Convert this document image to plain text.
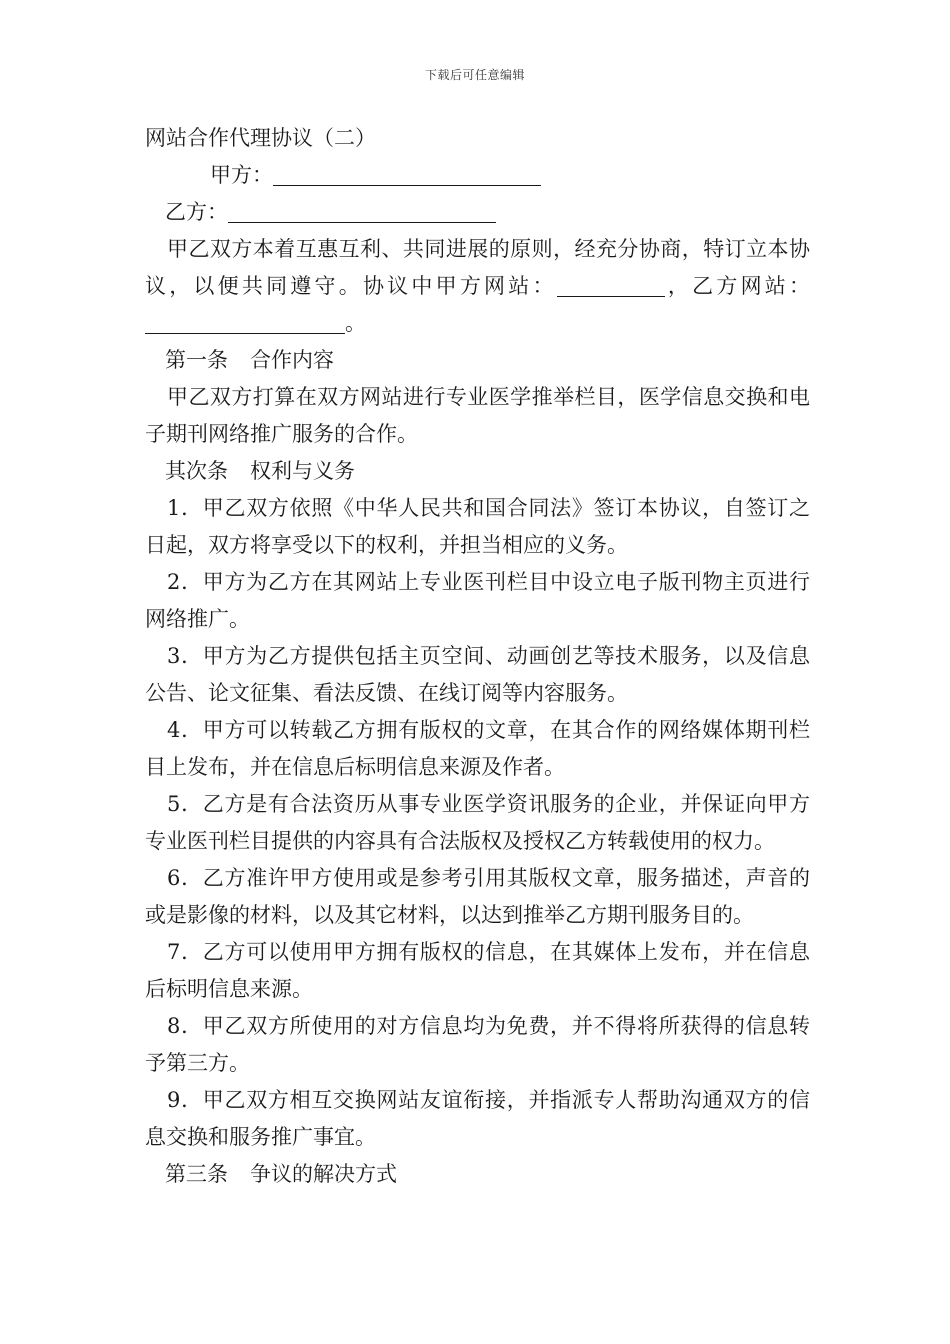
下载后可任意编辑

网站合作代理协议（二）

甲方：

乙方：

甲乙双方本着互惠互利、共同进展的原则，经充分协商，特订立本协议，以便共同遵守。协议中甲方网站：	，乙方网站：。

第一条 合作内容

甲乙双方打算在双方网站进行专业医学推举栏目，医学信息交换和电子期刊网络推广服务的合作。

其次条 权利与义务

1．甲乙双方依照《中华人民共和国合同法》签订本协议，自签订之日起，双方将享受以下的权利，并担当相应的义务。

2．甲方为乙方在其网站上专业医刊栏目中设立电子版刊物主页进行网络推广。

3．甲方为乙方提供包括主页空间、动画创艺等技术服务，以及信息公告、论文征集、看法反馈、在线订阅等内容服务。

4．甲方可以转载乙方拥有版权的文章，在其合作的网络媒体期刊栏目上发布，并在信息后标明信息来源及作者。

5．乙方是有合法资历从事专业医学资讯服务的企业，并保证向甲方专业医刊栏目提供的内容具有合法版权及授权乙方转载使用的权力。

6．乙方准许甲方使用或是参考引用其版权文章，服务描述，声音的或是影像的材料，以及其它材料，以达到推举乙方期刊服务目的。

7．乙方可以使用甲方拥有版权的信息，在其媒体上发布，并在信息后标明信息来源。

8．甲乙双方所使用的对方信息均为免费，并不得将所获得的信息转予第三方。

9．甲乙双方相互交换网站友谊衔接，并指派专人帮助沟通双方的信息交换和服务推广事宜。

第三条 争议的解决方式
